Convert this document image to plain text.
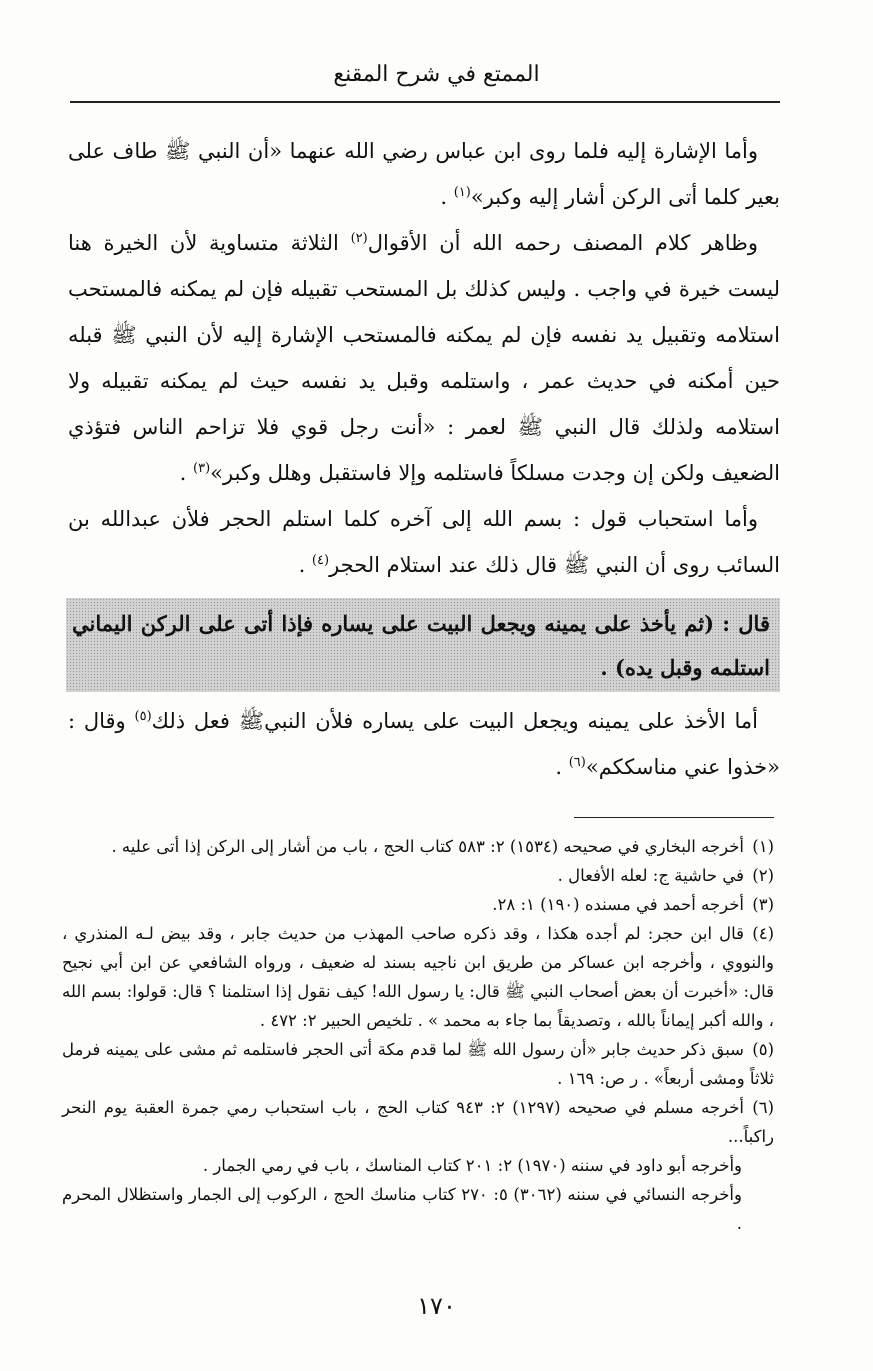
الممتع في شرح المقنع

وأما الإشارة إليه فلما روى ابن عباس رضي الله عنهما «أن النبي ﷺ طاف على بعير كلما أتى الركن أشار إليه وكبر»$^{(١)}$ .

وظاهر كلام المصنف رحمه الله أن الأقوال$^{(٢)}$ الثلاثة متساوية لأن الخيرة هنا ليست خيرة في واجب . وليس كذلك بل المستحب تقبيله فإن لم يمكنه فالمستحب استلامه وتقبيل يد نفسه فإن لم يمكنه فالمستحب الإشارة إليه لأن النبي ﷺ قبله حين أمكنه في حديث عمر ، واستلمه وقبل يد نفسه حيث لم يمكنه تقبيله ولا استلامه ولذلك قال النبي ﷺ لعمر : «أنت رجل قوي فلا تزاحم الناس فتؤذي الضعيف ولكن إن وجدت مسلكاً فاستلمه وإلا فاستقبل وهلل وكبر»$^{(٣)}$ .

وأما استحباب قول : بسم الله إلى آخره كلما استلم الحجر فلأن عبدالله بن السائب روى أن النبي ﷺ قال ذلك عند استلام الحجر$^{(٤)}$ .

قال : (ثم يأخذ على يمينه ويجعل البيت على يساره فإذا أتى على الركن اليماني استلمه وقبل يده) .

أما الأخذ على يمينه ويجعل البيت على يساره فلأن النبيﷺ فعل ذلك$^{(٥)}$ وقال : «خذوا عني مناسككم»$^{(٦)}$ .

(١)أخرجه البخاري في صحيحه (١٥٣٤) ٢: ٥٨٣ كتاب الحج ، باب من أشار إلى الركن إذا أتى عليه .

(٢)في حاشية ج: لعله الأفعال .

(٣)أخرجه أحمد في مسنده (١٩٠) ١: ٢٨.

(٤)قال ابن حجر: لم أجده هكذا ، وقد ذكره صاحب المهذب من حديث جابر ، وقد بيض لـه المنذري ، والنووي ، وأخرجه ابن عساكر من طريق ابن ناجيه بسند له ضعيف ، ورواه الشافعي عن ابن أبي نجيح قال: «أخبرت أن بعض أصحاب النبي ﷺ قال: يا رسول الله! كيف نقول إذا استلمنا ؟ قال: قولوا: بسم الله ، والله أكبر إيماناً بالله ، وتصديقاً بما جاء به محمد » . تلخيص الحبير ٢: ٤٧٢ .

(٥)سبق ذكر حديث جابر «أن رسول الله ﷺ لما قدم مكة أتى الحجر فاستلمه ثم مشى على يمينه فرمل ثلاثاً ومشى أربعاً» . ر ص: ١٦٩ .

(٦)أخرجه مسلم في صحيحه (١٢٩٧) ٢: ٩٤٣ كتاب الحج ، باب استحباب رمي جمرة العقبة يوم النحر راكباً...

وأخرجه أبو داود في سننه (١٩٧٠) ٢: ٢٠١ كتاب المناسك ، باب في رمي الجمار .

وأخرجه النسائي في سننه (٣٠٦٢) ٥: ٢٧٠ كتاب مناسك الحج ، الركوب إلى الجمار واستظلال المحرم .

١٧٠
